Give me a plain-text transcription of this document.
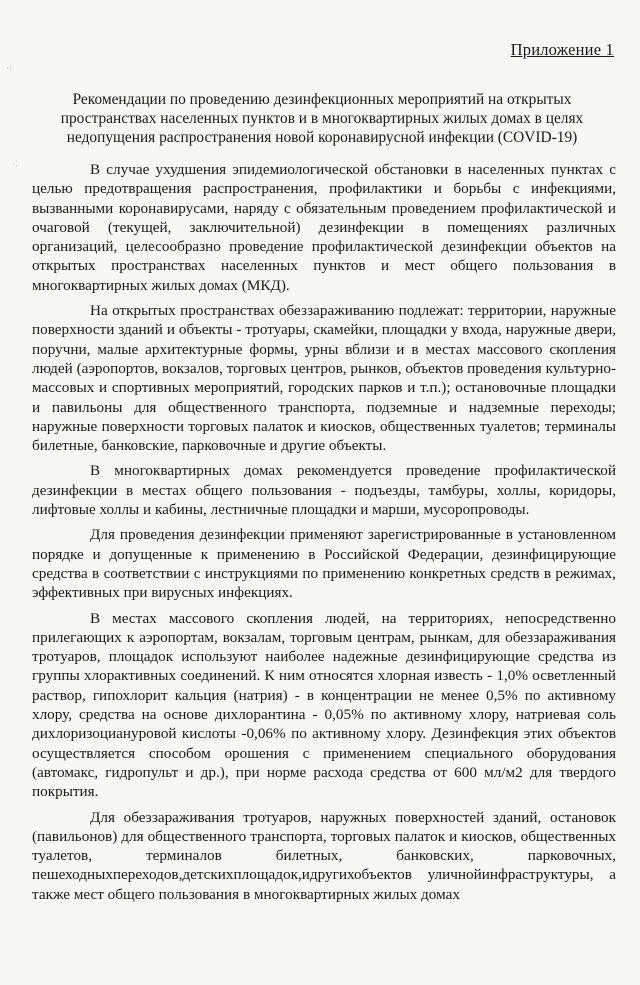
·:
·⁚
Приложение 1
Рекомендации по проведению дезинфекционных мероприятий на открытых пространствах населенных пунктов и в многоквартирных жилых домах в целях недопущения распространения новой коронавирусной инфекции (COVID-19)

В случае ухудшения эпидемиологической обстановки в населенных пунктах с целью предотвращения распространения, профилактики и борьбы с инфекциями, вызванными коронавирусами, наряду с обязательным проведением профилактической и очаговой (текущей, заключительной) дезинфекции в помещениях различных организаций, целесообразно проведение профилактической дезинфекции объектов на открытых пространствах населенных пунктов и мест общего пользования в многоквартирных жилых домах (МКД).

На открытых пространствах обеззараживанию подлежат: территории, наружные поверхности зданий и объекты - тротуары, скамейки, площадки у входа, наружные двери, поручни, малые архитектурные формы, урны вблизи и в местах массового скопления людей (аэропортов, вокзалов, торговых центров, рынков, объектов проведения культурно-массовых и спортивных мероприятий, городских парков и т.п.); остановочные площадки и павильоны для общественного транспорта, подземные и надземные переходы; наружные поверхности торговых палаток и киосков, общественных туалетов; терминалы билетные, банковские, парковочные и другие объекты.

В многоквартирных домах рекомендуется проведение профилактической дезинфекции в местах общего пользования - подъезды, тамбуры, холлы, коридоры, лифтовые холлы и кабины, лестничные площадки и марши, мусоропроводы.

Для проведения дезинфекции применяют зарегистрированные в установленном порядке и допущенные к применению в Российской Федерации, дезинфицирующие средства в соответствии с инструкциями по применению конкретных средств в режимах, эффективных при вирусных инфекциях.

В местах массового скопления людей, на территориях, непосредственно прилегающих к аэропортам, вокзалам, торговым центрам, рынкам, для обеззараживания тротуаров, площадок используют наиболее надежные дезинфицирующие средства из группы хлорактивных соединений. К ним относятся хлорная известь - 1,0% осветленный раствор, гипохлорит кальция (натрия) - в концентрации не менее 0,5% по активному хлору, средства на основе дихлорантина - 0,05% по активному хлору, натриевая соль дихлоризоциануровой кислоты -0,06% по активному хлору. Дезинфекция этих объектов осуществляется способом орошения с применением специального оборудования (автомакс, гидропульт и др.), при норме расхода средства от 600 мл/м2 для твердого покрытия.

Для обеззараживания тротуаров, наружных поверхностей зданий, остановок (павильонов) для общественного транспорта, торговых палаток и киосков, общественных туалетов, терминалов билетных, банковских, парковочных, пешеходныхпереходов,детскихплощадок,идругихобъектов уличнойинфраструктуры, а также мест общего пользования в многоквартирных жилых домах
